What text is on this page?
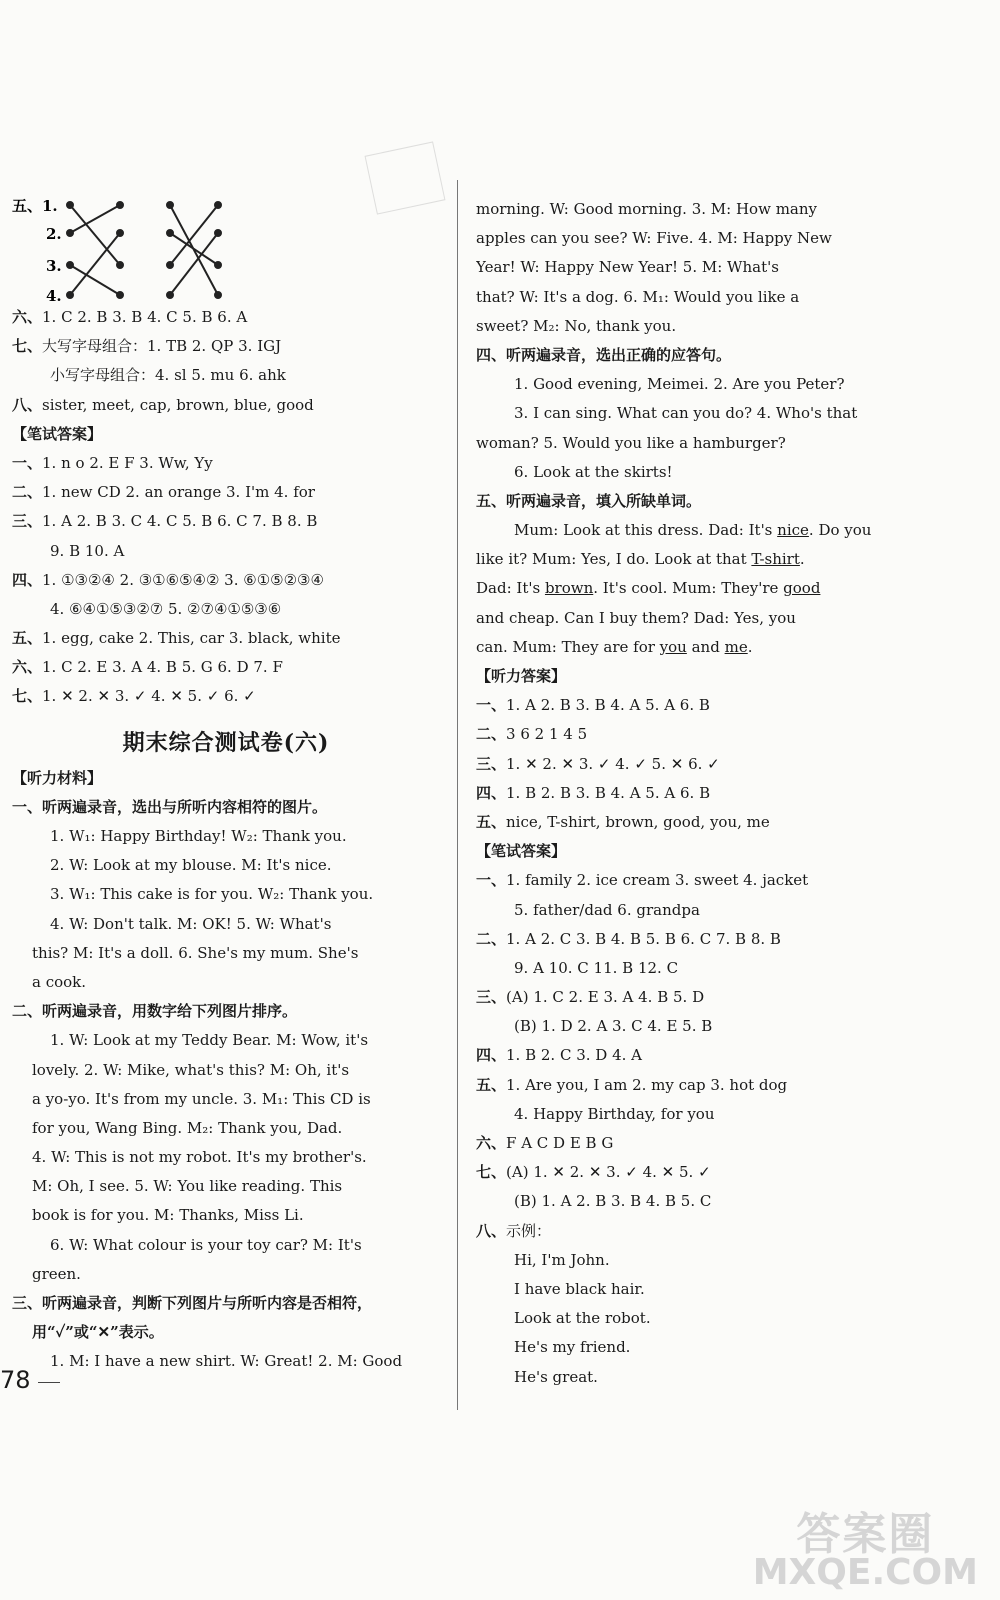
五、 1.
2.
3.
4.
六、1. C 2. B 3. B 4. C 5. B 6. A
七、大写字母组合：1. TB 2. QP 3. IGJ
小写字母组合：4. sl 5. mu 6. ahk
八、sister, meet, cap, brown, blue, good
【笔试答案】
一、1. n o 2. E F 3. Ww, Yy
二、1. new CD 2. an orange 3. I'm 4. for
三、1. A 2. B 3. C 4. C 5. B 6. C 7. B 8. B
9. B 10. A
四、1. ①③②④ 2. ③①⑥⑤④② 3. ⑥①⑤②③④
4. ⑥④①⑤③②⑦ 5. ②⑦④①⑤③⑥
五、1. egg, cake 2. This, car 3. black, white
六、1. C 2. E 3. A 4. B 5. G 6. D 7. F
七、1. ✕ 2. ✕ 3. ✓ 4. ✕ 5. ✓ 6. ✓
期末综合测试卷(六)
【听力材料】
一、听两遍录音，选出与所听内容相符的图片。
1. W₁: Happy Birthday! W₂: Thank you.
2. W: Look at my blouse. M: It's nice.
3. W₁: This cake is for you. W₂: Thank you.
4. W: Don't talk. M: OK! 5. W: What's
this? M: It's a doll. 6. She's my mum. She's
a cook.
二、听两遍录音，用数字给下列图片排序。
1. W: Look at my Teddy Bear. M: Wow, it's
lovely. 2. W: Mike, what's this? M: Oh, it's
a yo-yo. It's from my uncle. 3. M₁: This CD is
for you, Wang Bing. M₂: Thank you, Dad.
4. W: This is not my robot. It's my brother's.
M: Oh, I see. 5. W: You like reading. This
book is for you. M: Thanks, Miss Li.
6. W: What colour is your toy car? M: It's
green.
三、听两遍录音，判断下列图片与所听内容是否相符，
用“✓”或“✕”表示。
1. M: I have a new shirt. W: Great! 2. M: Good
morning. W: Good morning. 3. M: How many
apples can you see? W: Five. 4. M: Happy New
Year! W: Happy New Year! 5. M: What's
that? W: It's a dog. 6. M₁: Would you like a
sweet? M₂: No, thank you.
四、听两遍录音，选出正确的应答句。
1. Good evening, Meimei. 2. Are you Peter?
3. I can sing. What can you do? 4. Who's that
woman? 5. Would you like a hamburger?
6. Look at the skirts!
五、听两遍录音，填入所缺单词。
Mum: Look at this dress. Dad: It's nice. Do you
like it? Mum: Yes, I do. Look at that T-shirt.
Dad: It's brown. It's cool. Mum: They're good
and cheap. Can I buy them? Dad: Yes, you
can. Mum: They are for you and me.
【听力答案】
一、1. A 2. B 3. B 4. A 5. A 6. B
二、3 6 2 1 4 5
三、1. ✕ 2. ✕ 3. ✓ 4. ✓ 5. ✕ 6. ✓
四、1. B 2. B 3. B 4. A 5. A 6. B
五、nice, T-shirt, brown, good, you, me
【笔试答案】
一、1. family 2. ice cream 3. sweet 4. jacket
5. father/dad 6. grandpa
二、1. A 2. C 3. B 4. B 5. B 6. C 7. B 8. B
9. A 10. C 11. B 12. C
三、(A) 1. C 2. E 3. A 4. B 5. D
(B) 1. D 2. A 3. C 4. E 5. B
四、1. B 2. C 3. D 4. A
五、1. Are you, I am 2. my cap 3. hot dog
4. Happy Birthday, for you
六、F A C D E B G
七、(A) 1. ✕ 2. ✕ 3. ✓ 4. ✕ 5. ✓
(B) 1. A 2. B 3. B 4. B 5. C
八、示例：
Hi, I'm John.
I have black hair.
Look at the robot.
He's my friend.
He's great.
78
答案圈
MXQE.COM
